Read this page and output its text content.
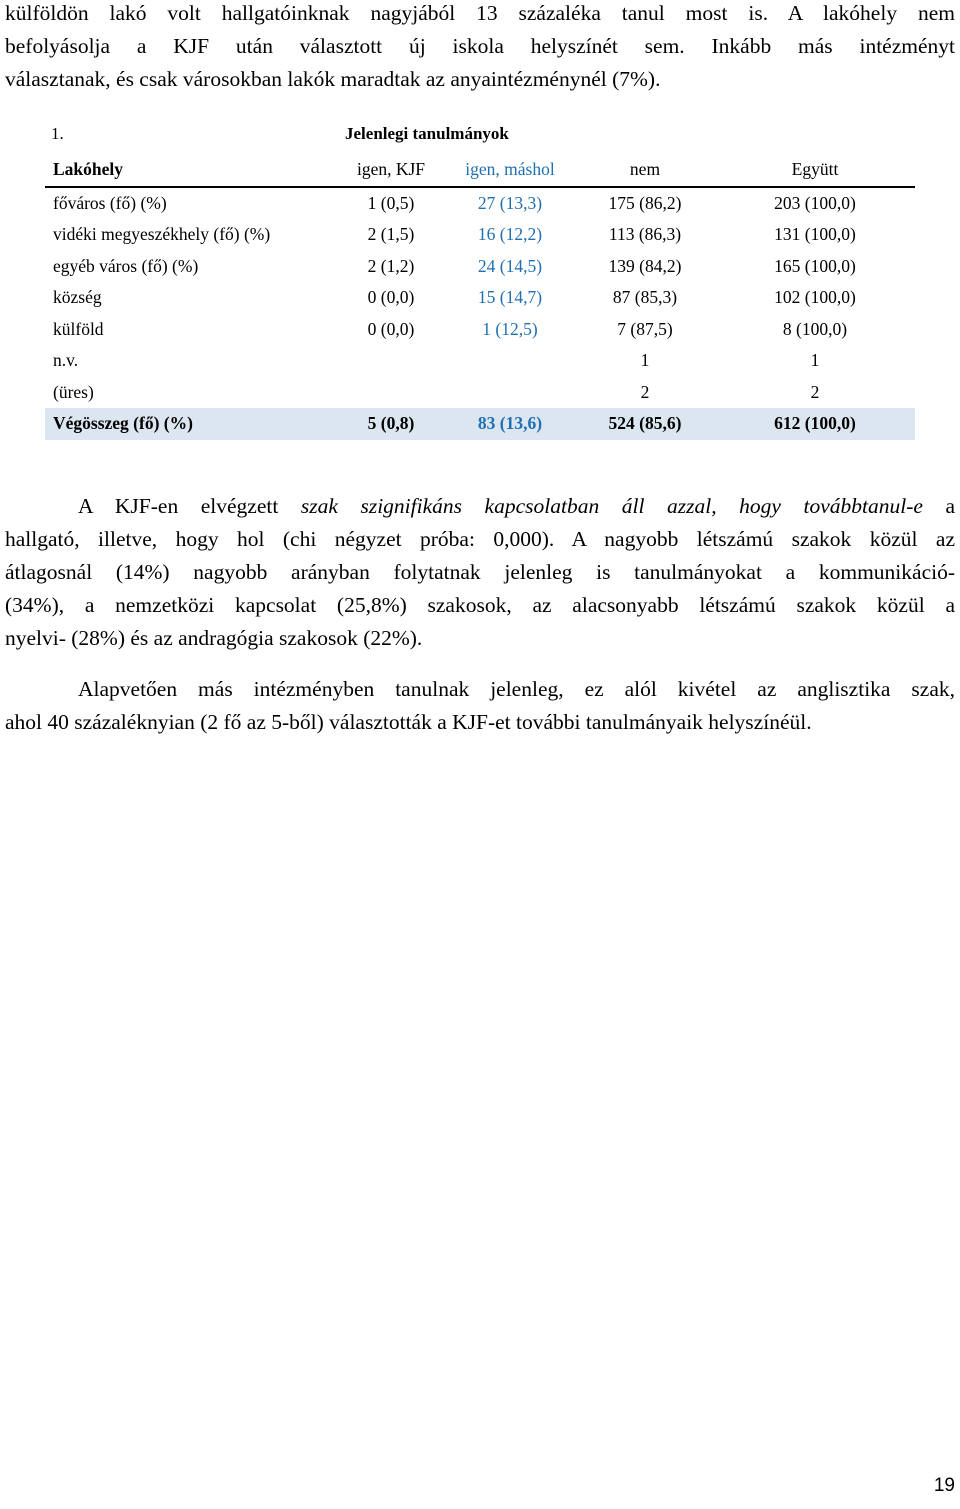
külföldön lakó volt hallgatóinknak nagyjából 13 százaléka tanul most is. A lakóhely nem
befolyásolja a KJF után választott új iskola helyszínét sem. Inkább más intézményt
választanak, és csak városokban lakók maradtak az anyaintézménynél (7%).
1.	Jelenlegi tanulmányok
Lakóhely	igen, KJF	igen, máshol	nem	Együtt
főváros (fő) (%)	1 (0,5)	27 (13,3)	175 (86,2)	203 (100,0)
vidéki megyeszékhely (fő) (%)	2 (1,5)	16 (12,2)	113 (86,3)	131 (100,0)
egyéb város (fő) (%)	2 (1,2)	24 (14,5)	139 (84,2)	165 (100,0)
község	0 (0,0)	15 (14,7)	87 (85,3)	102 (100,0)
külföld	0 (0,0)	1 (12,5)	7 (87,5)	8 (100,0)
n.v.			1	1
(üres)			2	2
Végösszeg (fő) (%)	5 (0,8)	83 (13,6)	524 (85,6)	612 (100,0)
A KJF-en elvégzett szak szignifikáns kapcsolatban áll azzal, hogy továbbtanul-e a
hallgató, illetve, hogy hol (chi négyzet próba: 0,000). A nagyobb létszámú szakok közül az
átlagosnál (14%) nagyobb arányban folytatnak jelenleg is tanulmányokat a kommunikáció-
(34%), a nemzetközi kapcsolat (25,8%) szakosok, az alacsonyabb létszámú szakok közül a
nyelvi- (28%) és az andragógia szakosok (22%).
Alapvetően más intézményben tanulnak jelenleg, ez alól kivétel az anglisztika szak,
ahol 40 százaléknyian (2 fő az 5-ből) választották a KJF-et további tanulmányaik helyszínéül.
19
